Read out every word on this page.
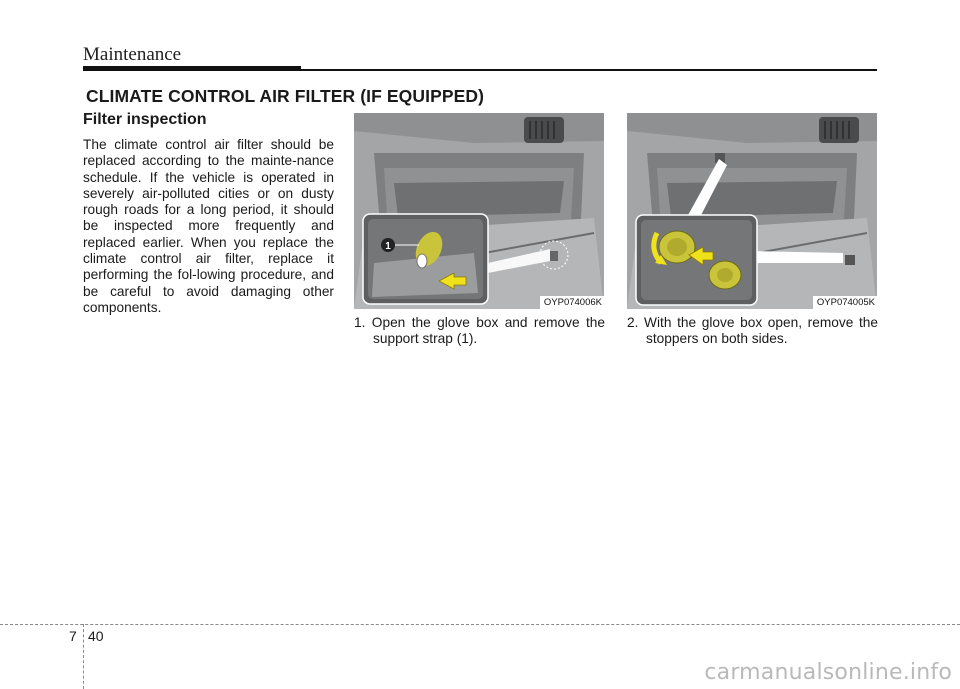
Maintenance
CLIMATE CONTROL AIR FILTER (IF EQUIPPED)
Filter inspection
The climate control air filter should be replaced according to the mainte-nance schedule. If the vehicle is operated in severely air-polluted cities or on dusty rough roads for a long period, it should be inspected more frequently and replaced earlier. When you replace the climate control air filter, replace it performing the fol-lowing procedure, and be careful to avoid damaging other components.
1
OYP074006K	OYP074005K
1. Open the glove box and remove the support strap (1).
2. With the glove box open, remove the stoppers on both sides.
7 40
carmanualsonline.info
